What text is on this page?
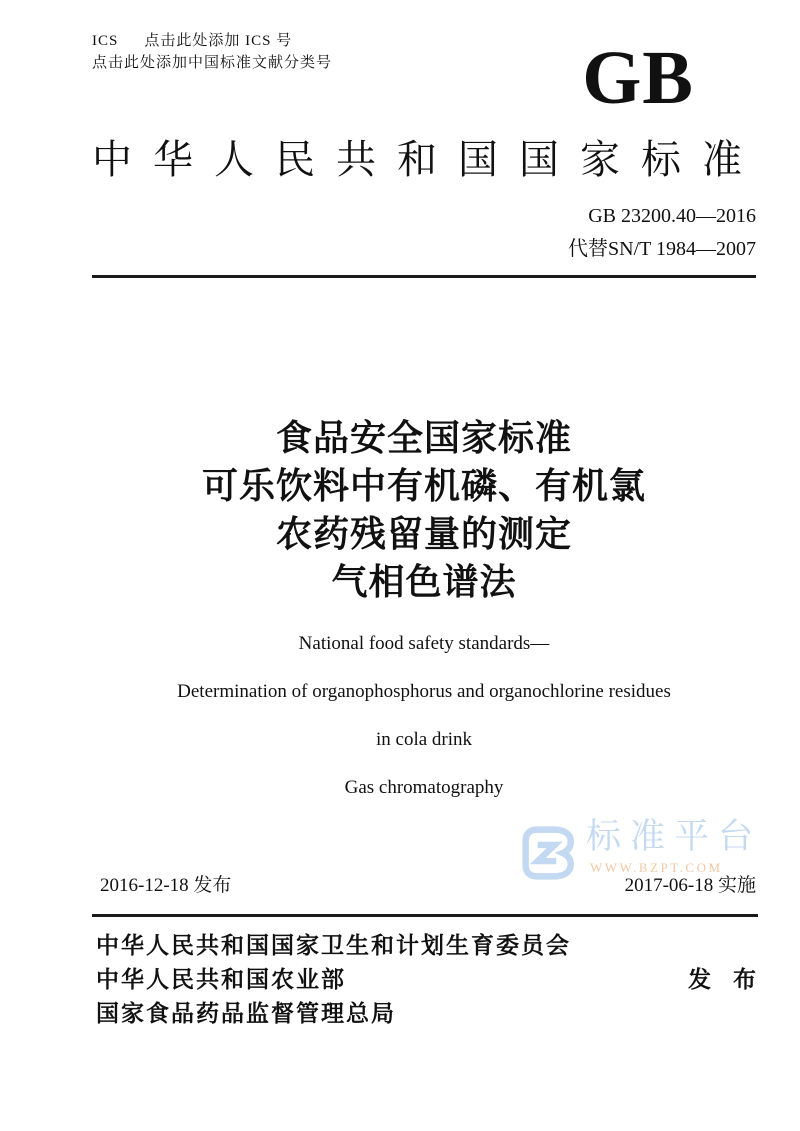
ICS 点击此处添加 ICS 号
点击此处添加中国标准文献分类号	GB
中华人民共和国国家标准
GB 23200.40—2016
代替SN/T 1984—2007
食品安全国家标准
可乐饮料中有机磷、有机氯
农药残留量的测定
气相色谱法

National food safety standards—

Determination of organophosphorus and organochlorine residues

in cola drink

Gas chromatography

标准平台
WWW.BZPT.COM
2016-12-18 发布	2017-06-18 实施
中华人民共和国国家卫生和计划生育委员会
中华人民共和国农业部	发布
国家食品药品监督管理总局
